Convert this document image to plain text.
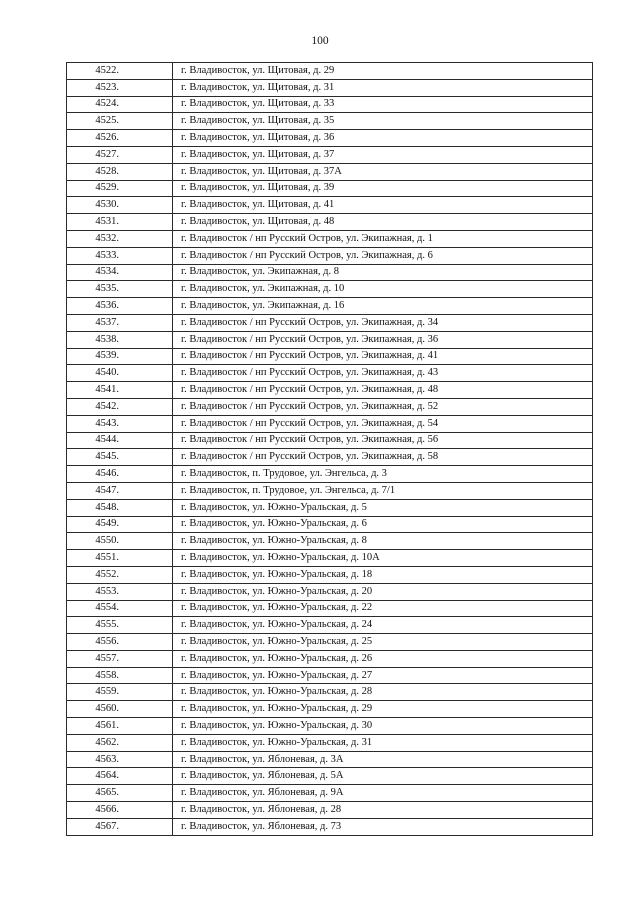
100
4522.	г. Владивосток, ул. Щитовая, д. 29
4523.	г. Владивосток, ул. Щитовая, д. 31
4524.	г. Владивосток, ул. Щитовая, д. 33
4525.	г. Владивосток, ул. Щитовая, д. 35
4526.	г. Владивосток, ул. Щитовая, д. 36
4527.	г. Владивосток, ул. Щитовая, д. 37
4528.	г. Владивосток, ул. Щитовая, д. 37А
4529.	г. Владивосток, ул. Щитовая, д. 39
4530.	г. Владивосток, ул. Щитовая, д. 41
4531.	г. Владивосток, ул. Щитовая, д. 48
4532.	г. Владивосток / нп Русский Остров, ул. Экипажная, д. 1
4533.	г. Владивосток / нп Русский Остров, ул. Экипажная, д. 6
4534.	г. Владивосток, ул. Экипажная, д. 8
4535.	г. Владивосток, ул. Экипажная, д. 10
4536.	г. Владивосток, ул. Экипажная, д. 16
4537.	г. Владивосток / нп Русский Остров, ул. Экипажная, д. 34
4538.	г. Владивосток / нп Русский Остров, ул. Экипажная, д. 36
4539.	г. Владивосток / нп Русский Остров, ул. Экипажная, д. 41
4540.	г. Владивосток / нп Русский Остров, ул. Экипажная, д. 43
4541.	г. Владивосток / нп Русский Остров, ул. Экипажная, д. 48
4542.	г. Владивосток / нп Русский Остров, ул. Экипажная, д. 52
4543.	г. Владивосток / нп Русский Остров, ул. Экипажная, д. 54
4544.	г. Владивосток / нп Русский Остров, ул. Экипажная, д. 56
4545.	г. Владивосток / нп Русский Остров, ул. Экипажная, д. 58
4546.	г. Владивосток, п. Трудовое, ул. Энгельса, д. 3
4547.	г. Владивосток, п. Трудовое, ул. Энгельса, д. 7/1
4548.	г. Владивосток, ул. Южно-Уральская, д. 5
4549.	г. Владивосток, ул. Южно-Уральская, д. 6
4550.	г. Владивосток, ул. Южно-Уральская, д. 8
4551.	г. Владивосток, ул. Южно-Уральская, д. 10А
4552.	г. Владивосток, ул. Южно-Уральская, д. 18
4553.	г. Владивосток, ул. Южно-Уральская, д. 20
4554.	г. Владивосток, ул. Южно-Уральская, д. 22
4555.	г. Владивосток, ул. Южно-Уральская, д. 24
4556.	г. Владивосток, ул. Южно-Уральская, д. 25
4557.	г. Владивосток, ул. Южно-Уральская, д. 26
4558.	г. Владивосток, ул. Южно-Уральская, д. 27
4559.	г. Владивосток, ул. Южно-Уральская, д. 28
4560.	г. Владивосток, ул. Южно-Уральская, д. 29
4561.	г. Владивосток, ул. Южно-Уральская, д. 30
4562.	г. Владивосток, ул. Южно-Уральская, д. 31
4563.	г. Владивосток, ул. Яблоневая, д. 3А
4564.	г. Владивосток, ул. Яблоневая, д. 5А
4565.	г. Владивосток, ул. Яблоневая, д. 9А
4566.	г. Владивосток, ул. Яблоневая, д. 28
4567.	г. Владивосток, ул. Яблоневая, д. 73
